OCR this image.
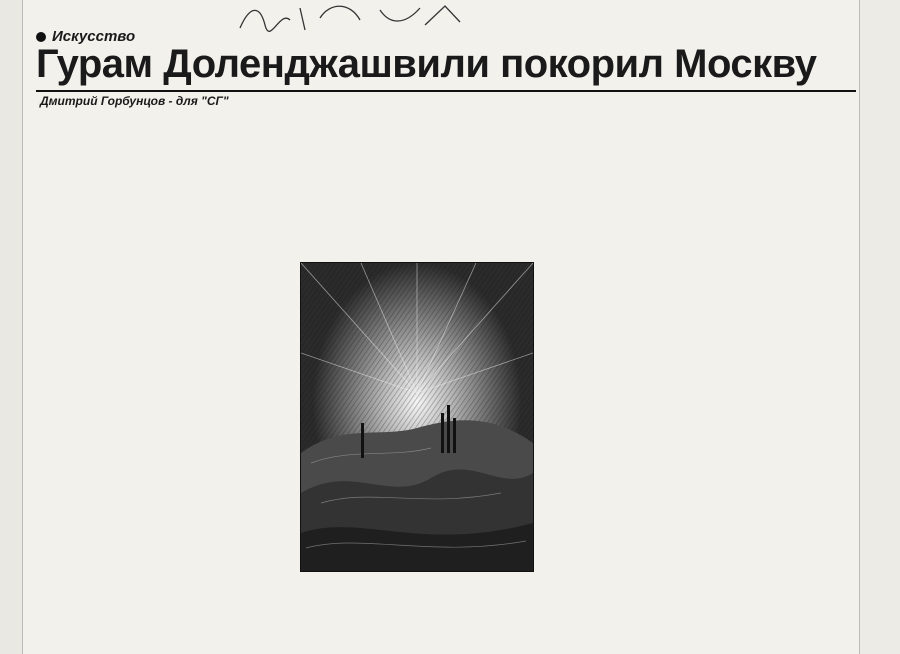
Искусство
Гурам Доленджашвили покорил Москву
Дмитрий Горбунцов - для "СГ"
